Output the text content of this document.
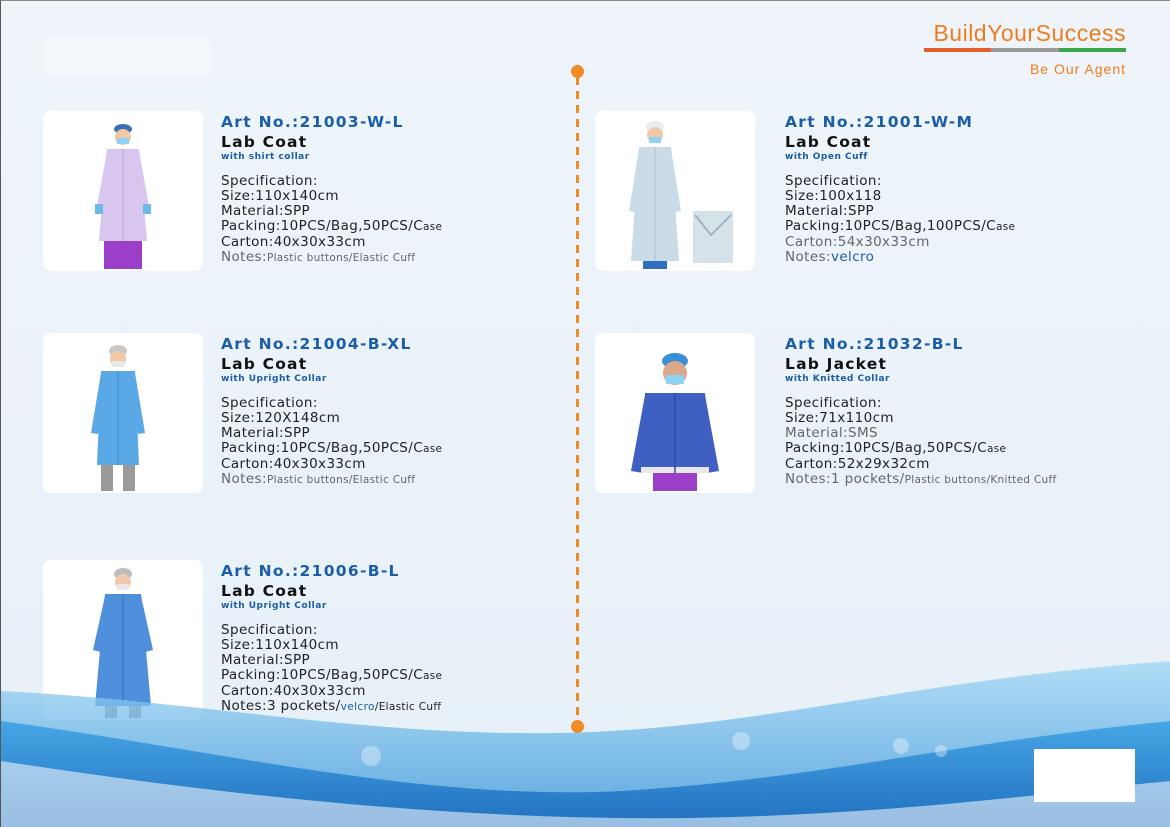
BuildYourSuccess
Be Our Agent
Art No.:21003-W-L
Lab Coat
with shirt collar
Specification:
Size:110x140cm
Material:SPP
Packing:10PCS/Bag,50PCS/Case
Carton:40x30x33cm
Notes:Plastic buttons/Elastic Cuff
Art No.:21004-B-XL
Lab Coat
with Upright Collar
Specification:
Size:120X148cm
Material:SPP
Packing:10PCS/Bag,50PCS/Case
Carton:40x30x33cm
Notes:Plastic buttons/Elastic Cuff
Art No.:21006-B-L
Lab Coat
with Upright Collar
Specification:
Size:110x140cm
Material:SPP
Packing:10PCS/Bag,50PCS/Case
Carton:40x30x33cm
Notes:3 pockets/velcro/Elastic Cuff
Art No.:21001-W-M
Lab Coat
with Open Cuff
Specification:
Size:100x118
Material:SPP
Packing:10PCS/Bag,100PCS/Case
Carton:54x30x33cm
Notes:velcro
Art No.:21032-B-L
Lab Jacket
with Knitted Collar
Specification:
Size:71x110cm
Material:SMS
Packing:10PCS/Bag,50PCS/Case
Carton:52x29x32cm
Notes:1 pockets/Plastic buttons/Knitted Cuff
